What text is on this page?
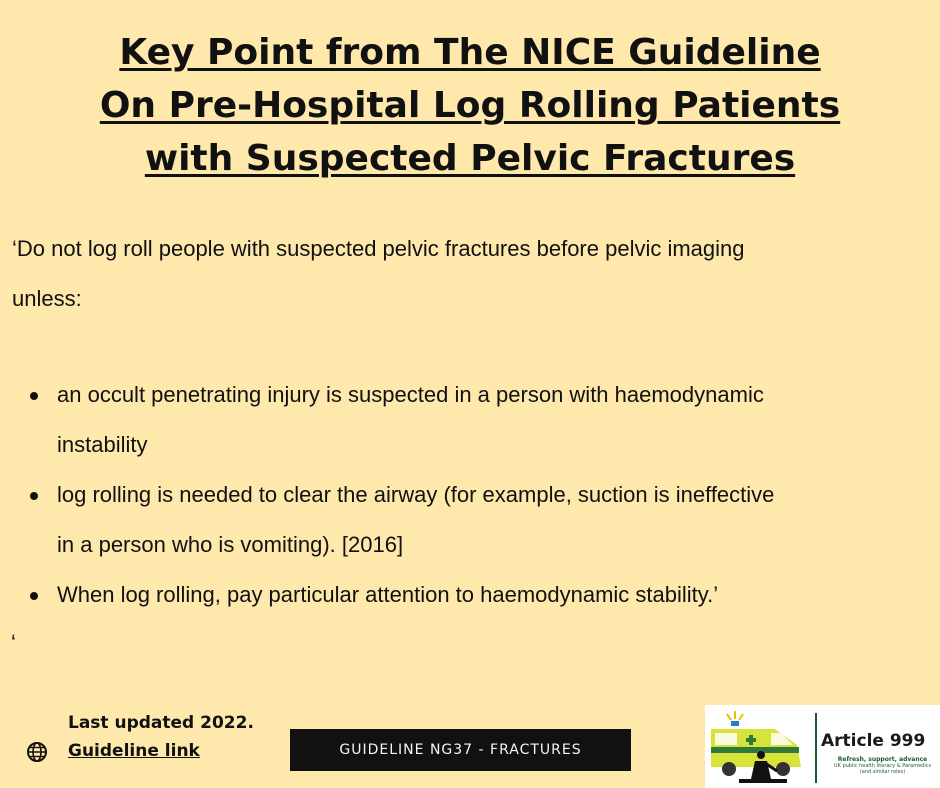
Key Point from The NICE Guideline
On Pre-Hospital Log Rolling Patients
with Suspected Pelvic Fractures
‘Do not log roll people with suspected pelvic fractures before pelvic imaging
unless:
an occult penetrating injury is suspected in a person with haemodynamic
instability
log rolling is needed to clear the airway (for example, suction is ineffective
in a person who is vomiting). [2016]
When log rolling, pay particular attention to haemodynamic stability.’
‘
Last updated 2022.
Guideline link	GUIDELINE NG37 - FRACTURES	Article 999
Refresh, support, advance
UK public health literacy & Paramedics (and similar roles)
